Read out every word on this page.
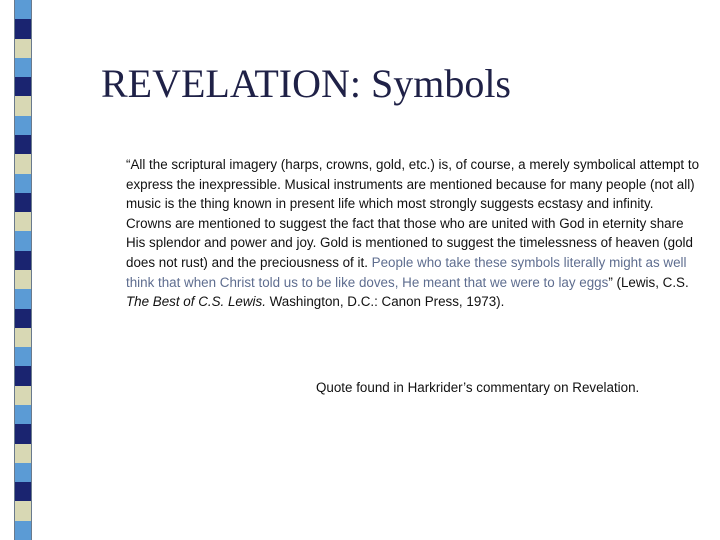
REVELATION: Symbols

“All the scriptural imagery (harps, crowns, gold, etc.) is, of course, a merely symbolical attempt to express the inexpressible. Musical instruments are mentioned because for many people (not all) music is the thing known in present life which most strongly suggests ecstasy and infinity. Crowns are mentioned to suggest the fact that those who are united with God in eternity share His splendor and power and joy. Gold is mentioned to suggest the timelessness of heaven (gold does not rust) and the preciousness of it. People who take these symbols literally might as well think that when Christ told us to be like doves, He meant that we were to lay eggs” (Lewis, C.S. The Best of C.S. Lewis. Washington, D.C.: Canon Press, 1973).

Quote found in Harkrider’s commentary on Revelation.
